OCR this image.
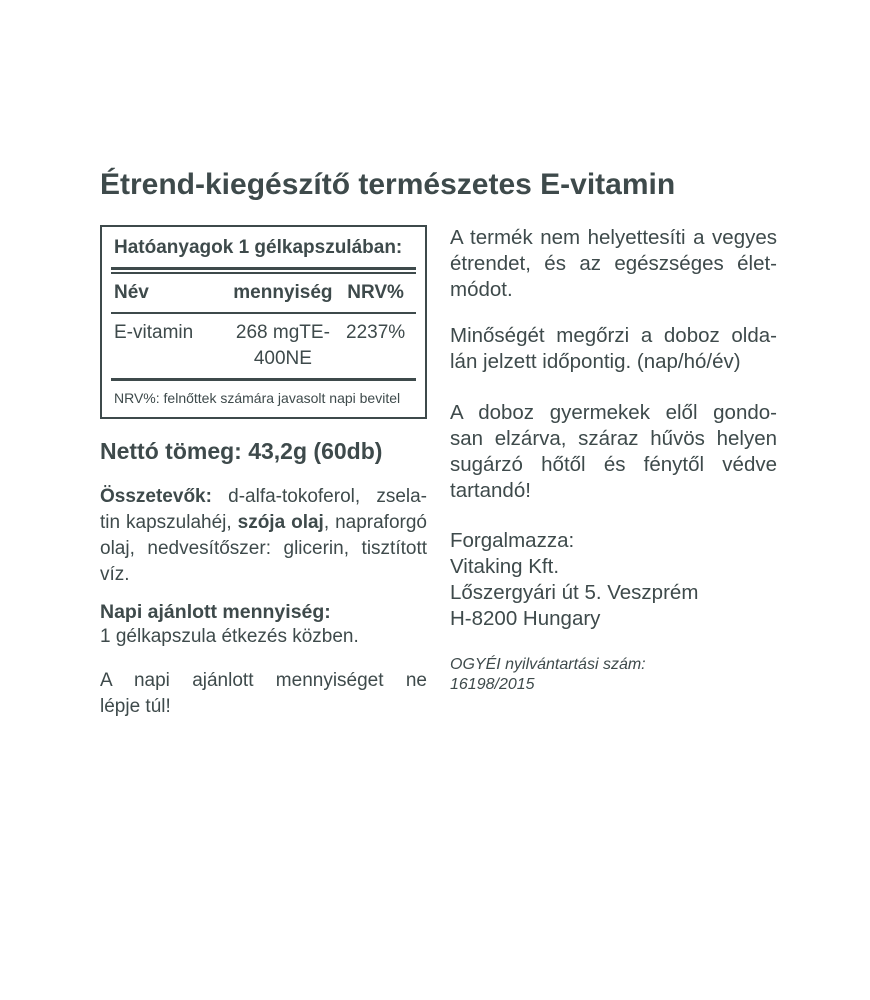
Étrend-kiegészítő természetes E-vitamin
Hatóanyagok 1 gélkapszulában:
Név	mennyiség NRV%
E-vitamin	268 mgTE-
400NE
2237%
NRV%: felnőttek számára javasolt napi bevitel
Nettó tömeg: 43,2g (60db)
Összetevők: d-alfa-tokoferol, zsela-
tin kapszulahéj, szója olaj, napraforgó
olaj, nedvesítőszer: glicerin, tisztított
víz.
Napi ajánlott mennyiség:
1 gélkapszula étkezés közben.
A napi ajánlott mennyiséget ne
lépje túl!
A termék nem helyettesíti a vegyes
étrendet, és az egészséges élet-
módot.
Minőségét megőrzi a doboz olda-
lán jelzett időpontig. (nap/hó/év)
A doboz gyermekek elől gondo-
san elzárva, száraz hűvös helyen
sugárzó hőtől és fénytől védve
tartandó!
Forgalmazza:
Vitaking Kft.
Lőszergyári út 5. Veszprém
H-8200 Hungary
OGYÉI nyilvántartási szám:
16198/2015
